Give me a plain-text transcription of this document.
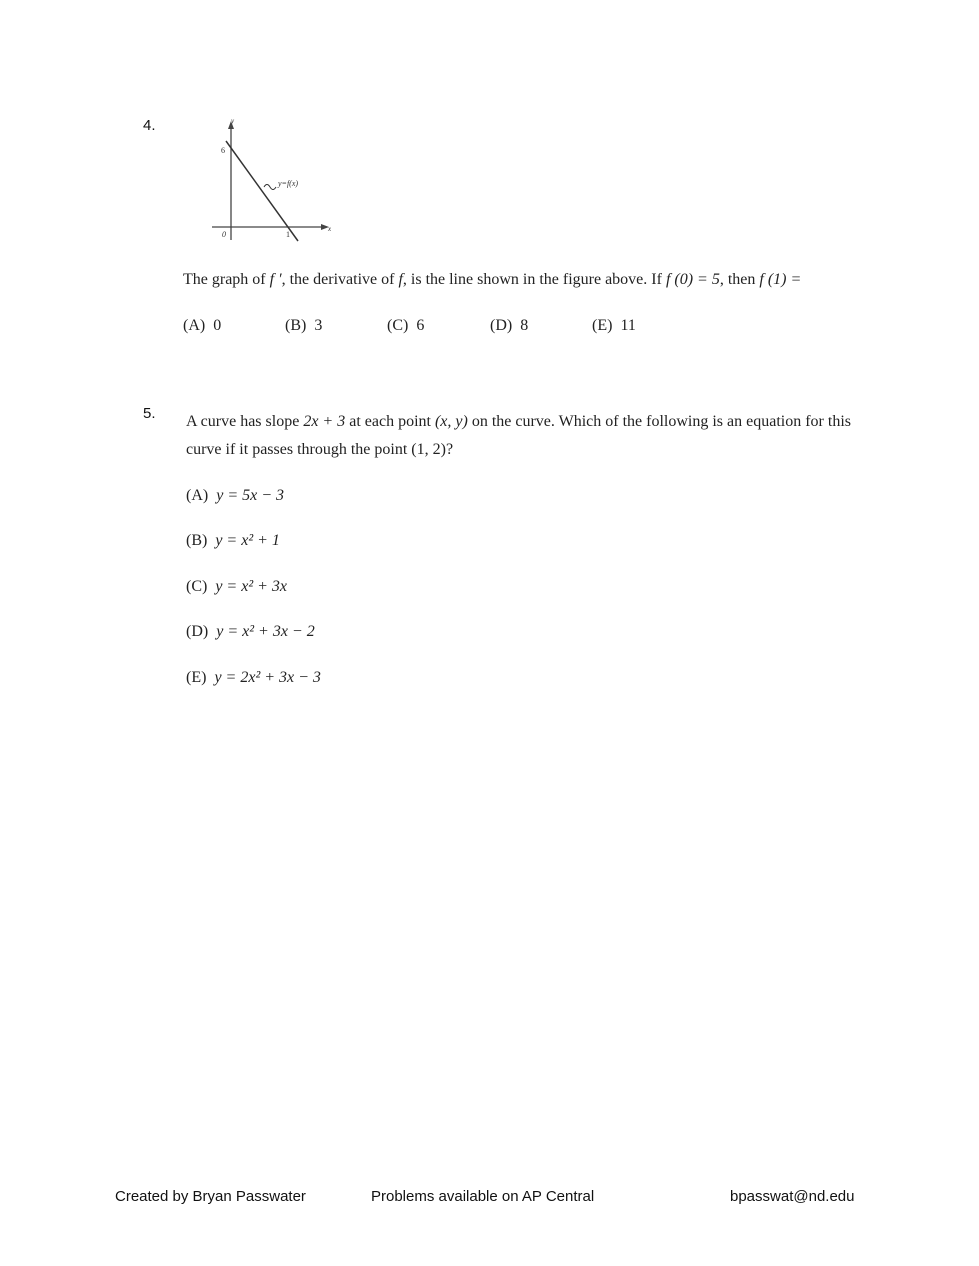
4.	y
x
6
0	1
y=f(x)
The graph of f ′, the derivative of f, is the line shown in the figure above. If f (0) = 5, then f (1) =
(A) 0	(B) 3	(C) 6	(D) 8	(E) 11
5. A curve has slope 2x + 3 at each point (x, y) on the curve. Which of the following is an equation for this
curve if it passes through the point (1, 2)?
(A) y = 5x − 3
(B) y = x² + 1
(C) y = x² + 3x
(D) y = x² + 3x − 2
(E) y = 2x² + 3x − 3
Created by Bryan Passwater	Problems available on AP Central	bpasswat@nd.edu
